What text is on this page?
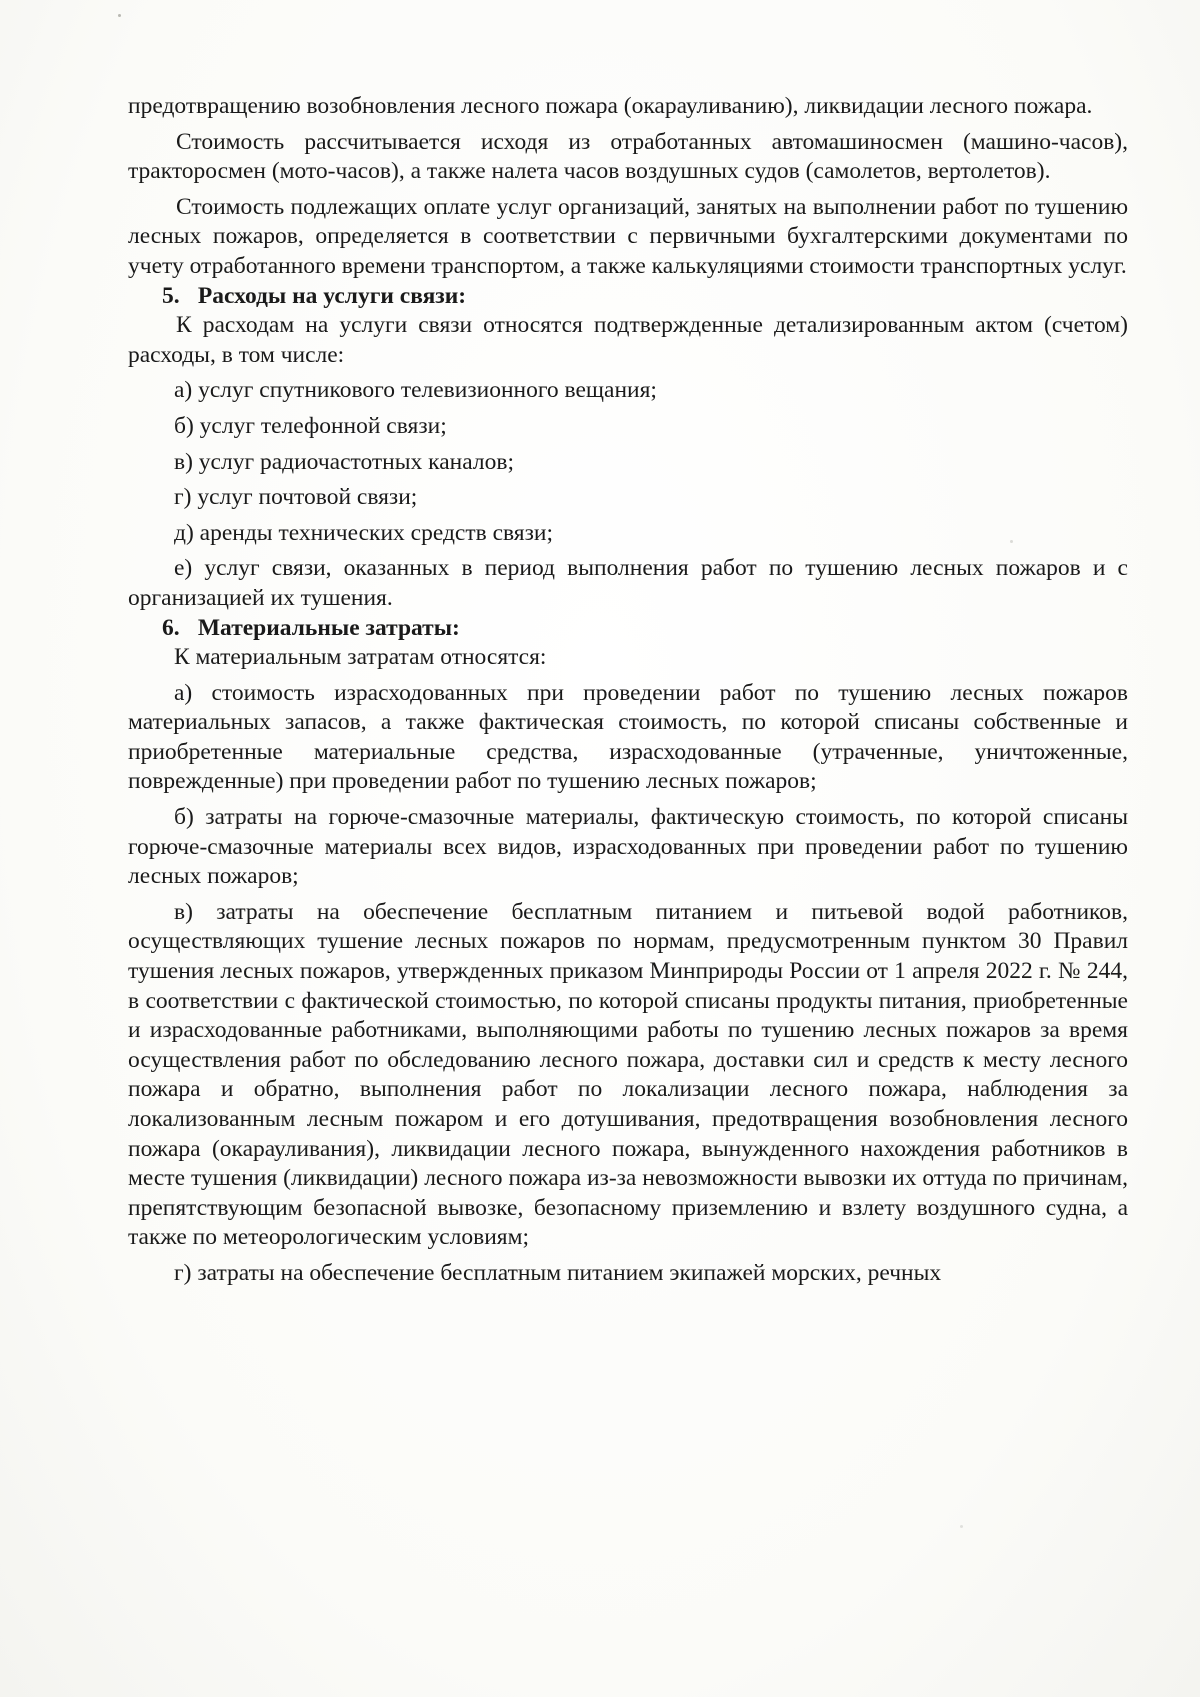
предотвращению возобновления лесного пожара (окарауливанию), ликвидации лесного пожара.

Стоимость рассчитывается исходя из отработанных автомашиносмен (машино-часов), тракторосмен (мото-часов), а также налета часов воздушных судов (самолетов, вертолетов).

Стоимость подлежащих оплате услуг организаций, занятых на выполнении работ по тушению лесных пожаров, определяется в соответствии с первичными бухгалтерскими документами по учету отработанного времени транспортом, а также калькуляциями стоимости транспортных услуг.

5. Расходы на услуги связи:

К расходам на услуги связи относятся подтвержденные детализированным актом (счетом) расходы, в том числе:

а) услуг спутникового телевизионного вещания;

б) услуг телефонной связи;

в) услуг радиочастотных каналов;

г) услуг почтовой связи;

д) аренды технических средств связи;

е) услуг связи, оказанных в период выполнения работ по тушению лесных пожаров и с организацией их тушения.

6. Материальные затраты:

К материальным затратам относятся:

а) стоимость израсходованных при проведении работ по тушению лесных пожаров материальных запасов, а также фактическая стоимость, по которой списаны собственные и приобретенные материальные средства, израсходованные (утраченные, уничтоженные, поврежденные) при проведении работ по тушению лесных пожаров;

б) затраты на горюче-смазочные материалы, фактическую стоимость, по которой списаны горюче-смазочные материалы всех видов, израсходованных при проведении работ по тушению лесных пожаров;

в) затраты на обеспечение бесплатным питанием и питьевой водой работников, осуществляющих тушение лесных пожаров по нормам, предусмотренным пунктом 30 Правил тушения лесных пожаров, утвержденных приказом Минприроды России от 1 апреля 2022 г. № 244, в соответствии с фактической стоимостью, по которой списаны продукты питания, приобретенные и израсходованные работниками, выполняющими работы по тушению лесных пожаров за время осуществления работ по обследованию лесного пожара, доставки сил и средств к месту лесного пожара и обратно, выполнения работ по локализации лесного пожара, наблюдения за локализованным лесным пожаром и его дотушивания, предотвращения возобновления лесного пожара (окарауливания), ликвидации лесного пожара, вынужденного нахождения работников в месте тушения (ликвидации) лесного пожара из-за невозможности вывозки их оттуда по причинам, препятствующим безопасной вывозке, безопасному приземлению и взлету воздушного судна, а также по метеорологическим условиям;

г) затраты на обеспечение бесплатным питанием экипажей морских, речных
